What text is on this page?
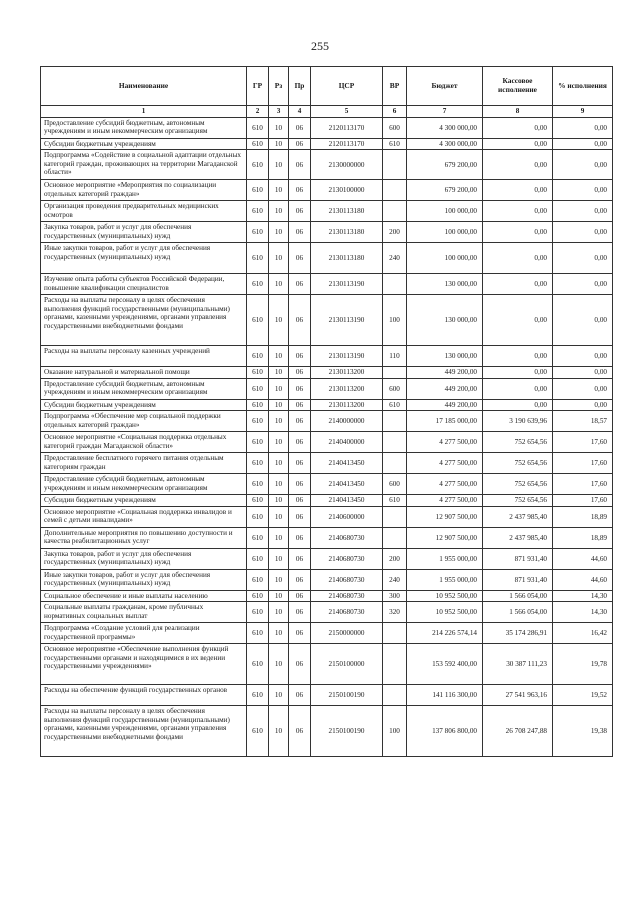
255
Наименование	ГР	Рз	Пр	ЦСР	ВР	Бюджет	Кассовое исполнение	% исполнения
1	2	3	4	5	6	7	8	9
Предоставление субсидий бюджетным, автономным учреждениям и иным некоммерческим организациям	610	10	06	2120113170	600	4 300 000,00	0,00	0,00
Субсидии бюджетным учреждениям	610	10	06	2120113170	610	4 300 000,00	0,00	0,00
Подпрограмма «Содействие в социальной адаптации отдельных категорий граждан, проживающих на территории Магаданской области»	610	10	06	2130000000		679 200,00	0,00	0,00
Основное мероприятие «Мероприятия по социализации отдельных категорий граждан»	610	10	06	2130100000		679 200,00	0,00	0,00
Организация проведения предварительных медицинских осмотров	610	10	06	2130113180		100 000,00	0,00	0,00
Закупка товаров, работ и услуг для обеспечения государственных (муниципальных) нужд	610	10	06	2130113180	200	100 000,00	0,00	0,00
Иные закупки товаров, работ и услуг для обеспечения государственных (муниципальных) нужд	610	10	06	2130113180	240	100 000,00	0,00	0,00
Изучение опыта работы субъектов Российской Федерации, повышение квалификации специалистов	610	10	06	2130113190		130 000,00	0,00	0,00
Расходы на выплаты персоналу в целях обеспечения выполнения функций государственными (муниципальными) органами, казенными учреждениями, органами управления государственными внебюджетными фондами	610	10	06	2130113190	100	130 000,00	0,00	0,00
Расходы на выплаты персоналу казенных учреждений	610	10	06	2130113190	110	130 000,00	0,00	0,00
Оказание натуральной и материальной помощи	610	10	06	2130113200		449 200,00	0,00	0,00
Предоставление субсидий бюджетным, автономным учреждениям и иным некоммерческим организациям	610	10	06	2130113200	600	449 200,00	0,00	0,00
Субсидии бюджетным учреждениям	610	10	06	2130113200	610	449 200,00	0,00	0,00
Подпрограмма «Обеспечение мер социальной поддержки отдельных категорий граждан»	610	10	06	2140000000		17 185 000,00	3 190 639,96	18,57
Основное мероприятие «Социальная поддержка отдельных категорий граждан Магаданской области»	610	10	06	2140400000		4 277 500,00	752 654,56	17,60
Предоставление бесплатного горячего питания отдельным категориям граждан	610	10	06	2140413450		4 277 500,00	752 654,56	17,60
Предоставление субсидий бюджетным, автономным учреждениям и иным некоммерческим организациям	610	10	06	2140413450	600	4 277 500,00	752 654,56	17,60
Субсидии бюджетным учреждениям	610	10	06	2140413450	610	4 277 500,00	752 654,56	17,60
Основное мероприятие «Социальная поддержка инвалидов и семей с детьми инвалидами»	610	10	06	2140600000		12 907 500,00	2 437 985,40	18,89
Дополнительные мероприятия по повышению доступности и качества реабилитационных услуг	610	10	06	2140680730		12 907 500,00	2 437 985,40	18,89
Закупка товаров, работ и услуг для обеспечения государственных (муниципальных) нужд	610	10	06	2140680730	200	1 955 000,00	871 931,40	44,60
Иные закупки товаров, работ и услуг для обеспечения государственных (муниципальных) нужд	610	10	06	2140680730	240	1 955 000,00	871 931,40	44,60
Социальное обеспечение и иные выплаты населению	610	10	06	2140680730	300	10 952 500,00	1 566 054,00	14,30
Социальные выплаты гражданам, кроме публичных нормативных социальных выплат	610	10	06	2140680730	320	10 952 500,00	1 566 054,00	14,30
Подпрограмма «Создание условий для реализации государственной программы»	610	10	06	2150000000		214 226 574,14	35 174 286,91	16,42
Основное мероприятие «Обеспечение выполнения функций государственными органами и находящимися в их ведении государственными учреждениями»	610	10	06	2150100000		153 592 400,00	30 387 111,23	19,78
Расходы на обеспечение функций государственных органов	610	10	06	2150100190		141 116 300,00	27 541 963,16	19,52
Расходы на выплаты персоналу в целях обеспечения выполнения функций государственными (муниципальными) органами, казенными учреждениями, органами управления государственными внебюджетными фондами	610	10	06	2150100190	100	137 806 800,00	26 708 247,88	19,38
